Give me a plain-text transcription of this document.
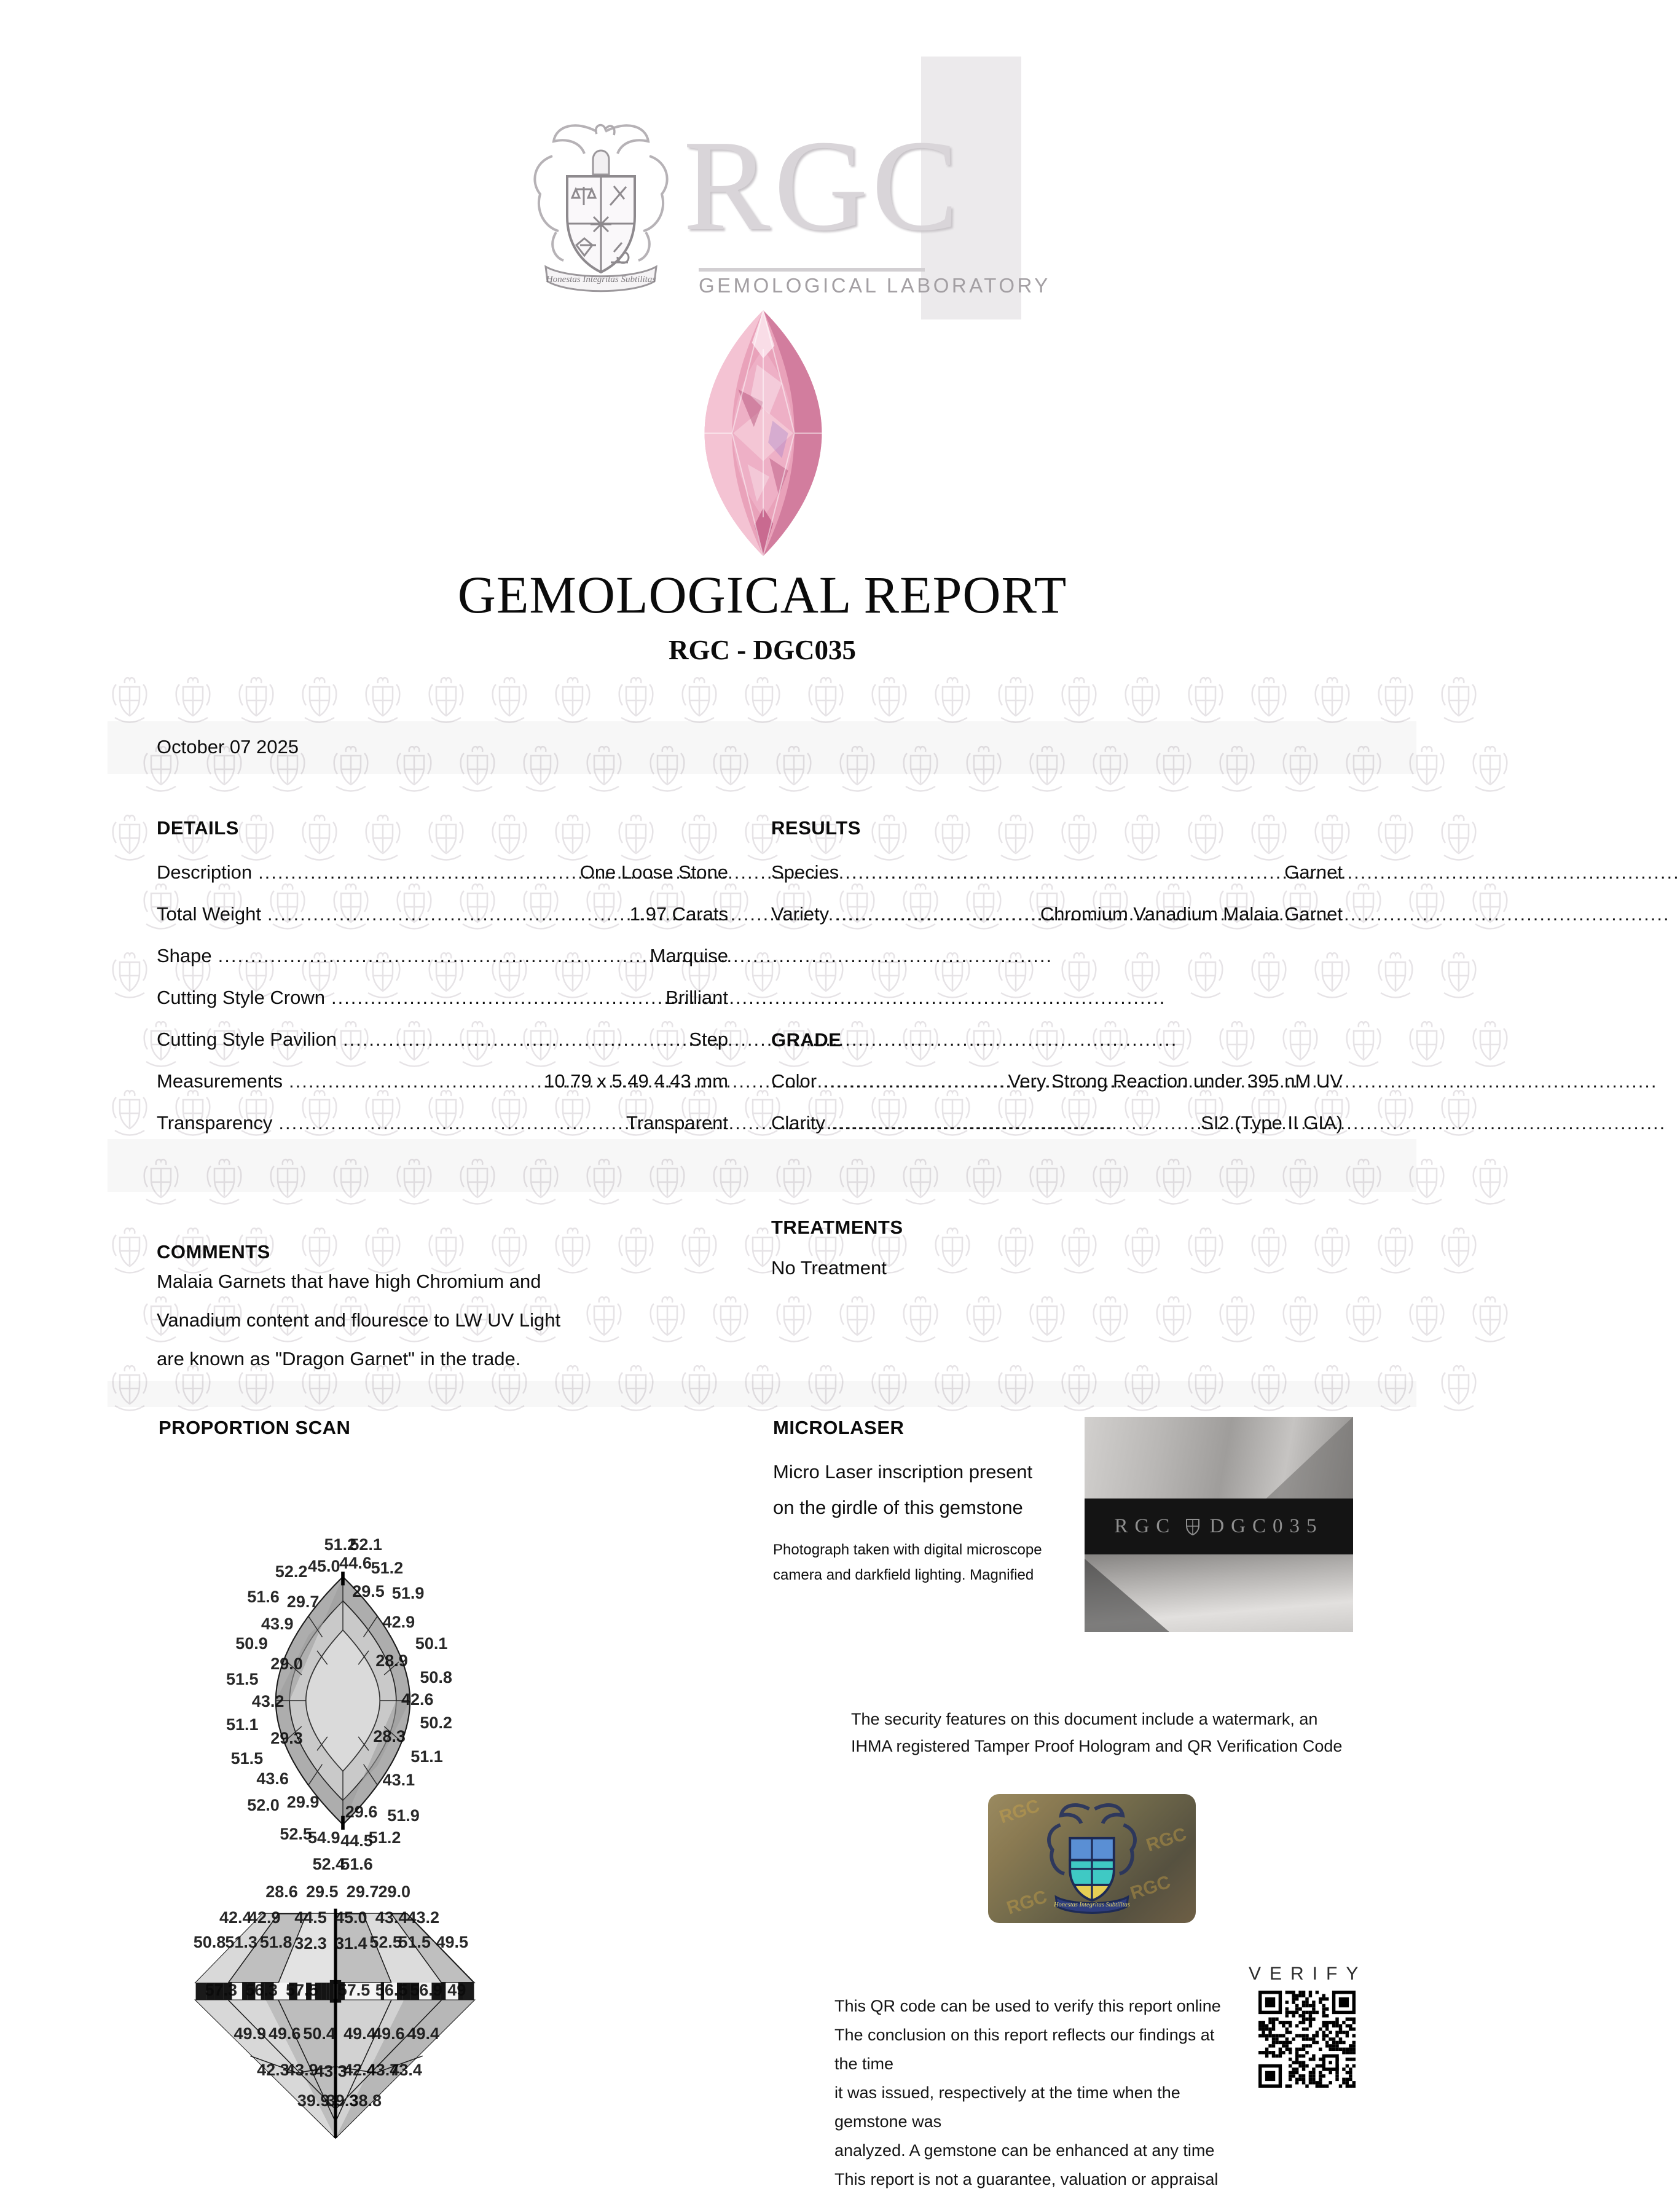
Honestas Integritas Subtilitas
RGC
GEMOLOGICAL LABORATORY
GEMOLOGICAL REPORT
RGC - DGC035
October 07 2025
DETAILS
Description .....	One Loose Stone
Total Weight .....	1.97 Carats
Shape .....	Marquise
Cutting Style Crown .....	Brilliant
Cutting Style Pavilion .....	Step
Measurements .....	10.79 x 5.49 4.43 mm
Transparency .....	Transparent
RESULTS
Species .....	Garnet
Variety .....	Chromium Vanadium Malaia Garnet
GRADE
Color .....	Very Strong Reaction under 395 nM UV
Clarity .....	SI2 (Type II GIA)
TREATMENTS
No Treatment
COMMENTS
Malaia Garnets that have high Chromium and
Vanadium content and flouresce to LW UV Light
are known as "Dragon Garnet" in the trade.
PROPORTION SCAN
51.2
52.1
52.2 45.0
44.6
51.2
29.5 51.9
51.6 29.7
43.9	42.9
50.9	50.1
29.0	28.9
51.5	50.8
43.2	42.6
51.1	50.2
29.3	28.3
51.5	51.1
43.6	43.1
52.0 29.9
29.6 51.9
52.5
54.9 44.5
51.2
52.4
51.6
28.6 29.5 29.7 29.0
42.4
42.9 44.5 45.0 43.4 43.2
50.8 51.3 51.8 32.3 31.4 52.5
51.5 49.5
57.3 56.3 57.5 57.5 56.5 56.9 49
49.9 49.6 50.4 49.4
49.6 49.4
42.3
43.9
43.3
42.4
43.7
43.4
39.9
39.3
38.8
MICROLASER
Micro Laser inscription present
on the girdle of this gemstone
Photograph taken with digital microscope
camera and darkfield lighting. Magnified
RGC DGC035
The security features on this document include a watermark, an
IHMA registered Tamper Proof Hologram and QR Verification Code
RGC
RGC
RGC	RGC
Honestas Integritas Subtilitas
VERIFY
This QR code can be used to verify this report online
The conclusion on this report reflects our findings at the time
it was issued, respectively at the time when the gemstone was
analyzed. A gemstone can be enhanced at any time
This report is not a guarantee, valuation or appraisal
